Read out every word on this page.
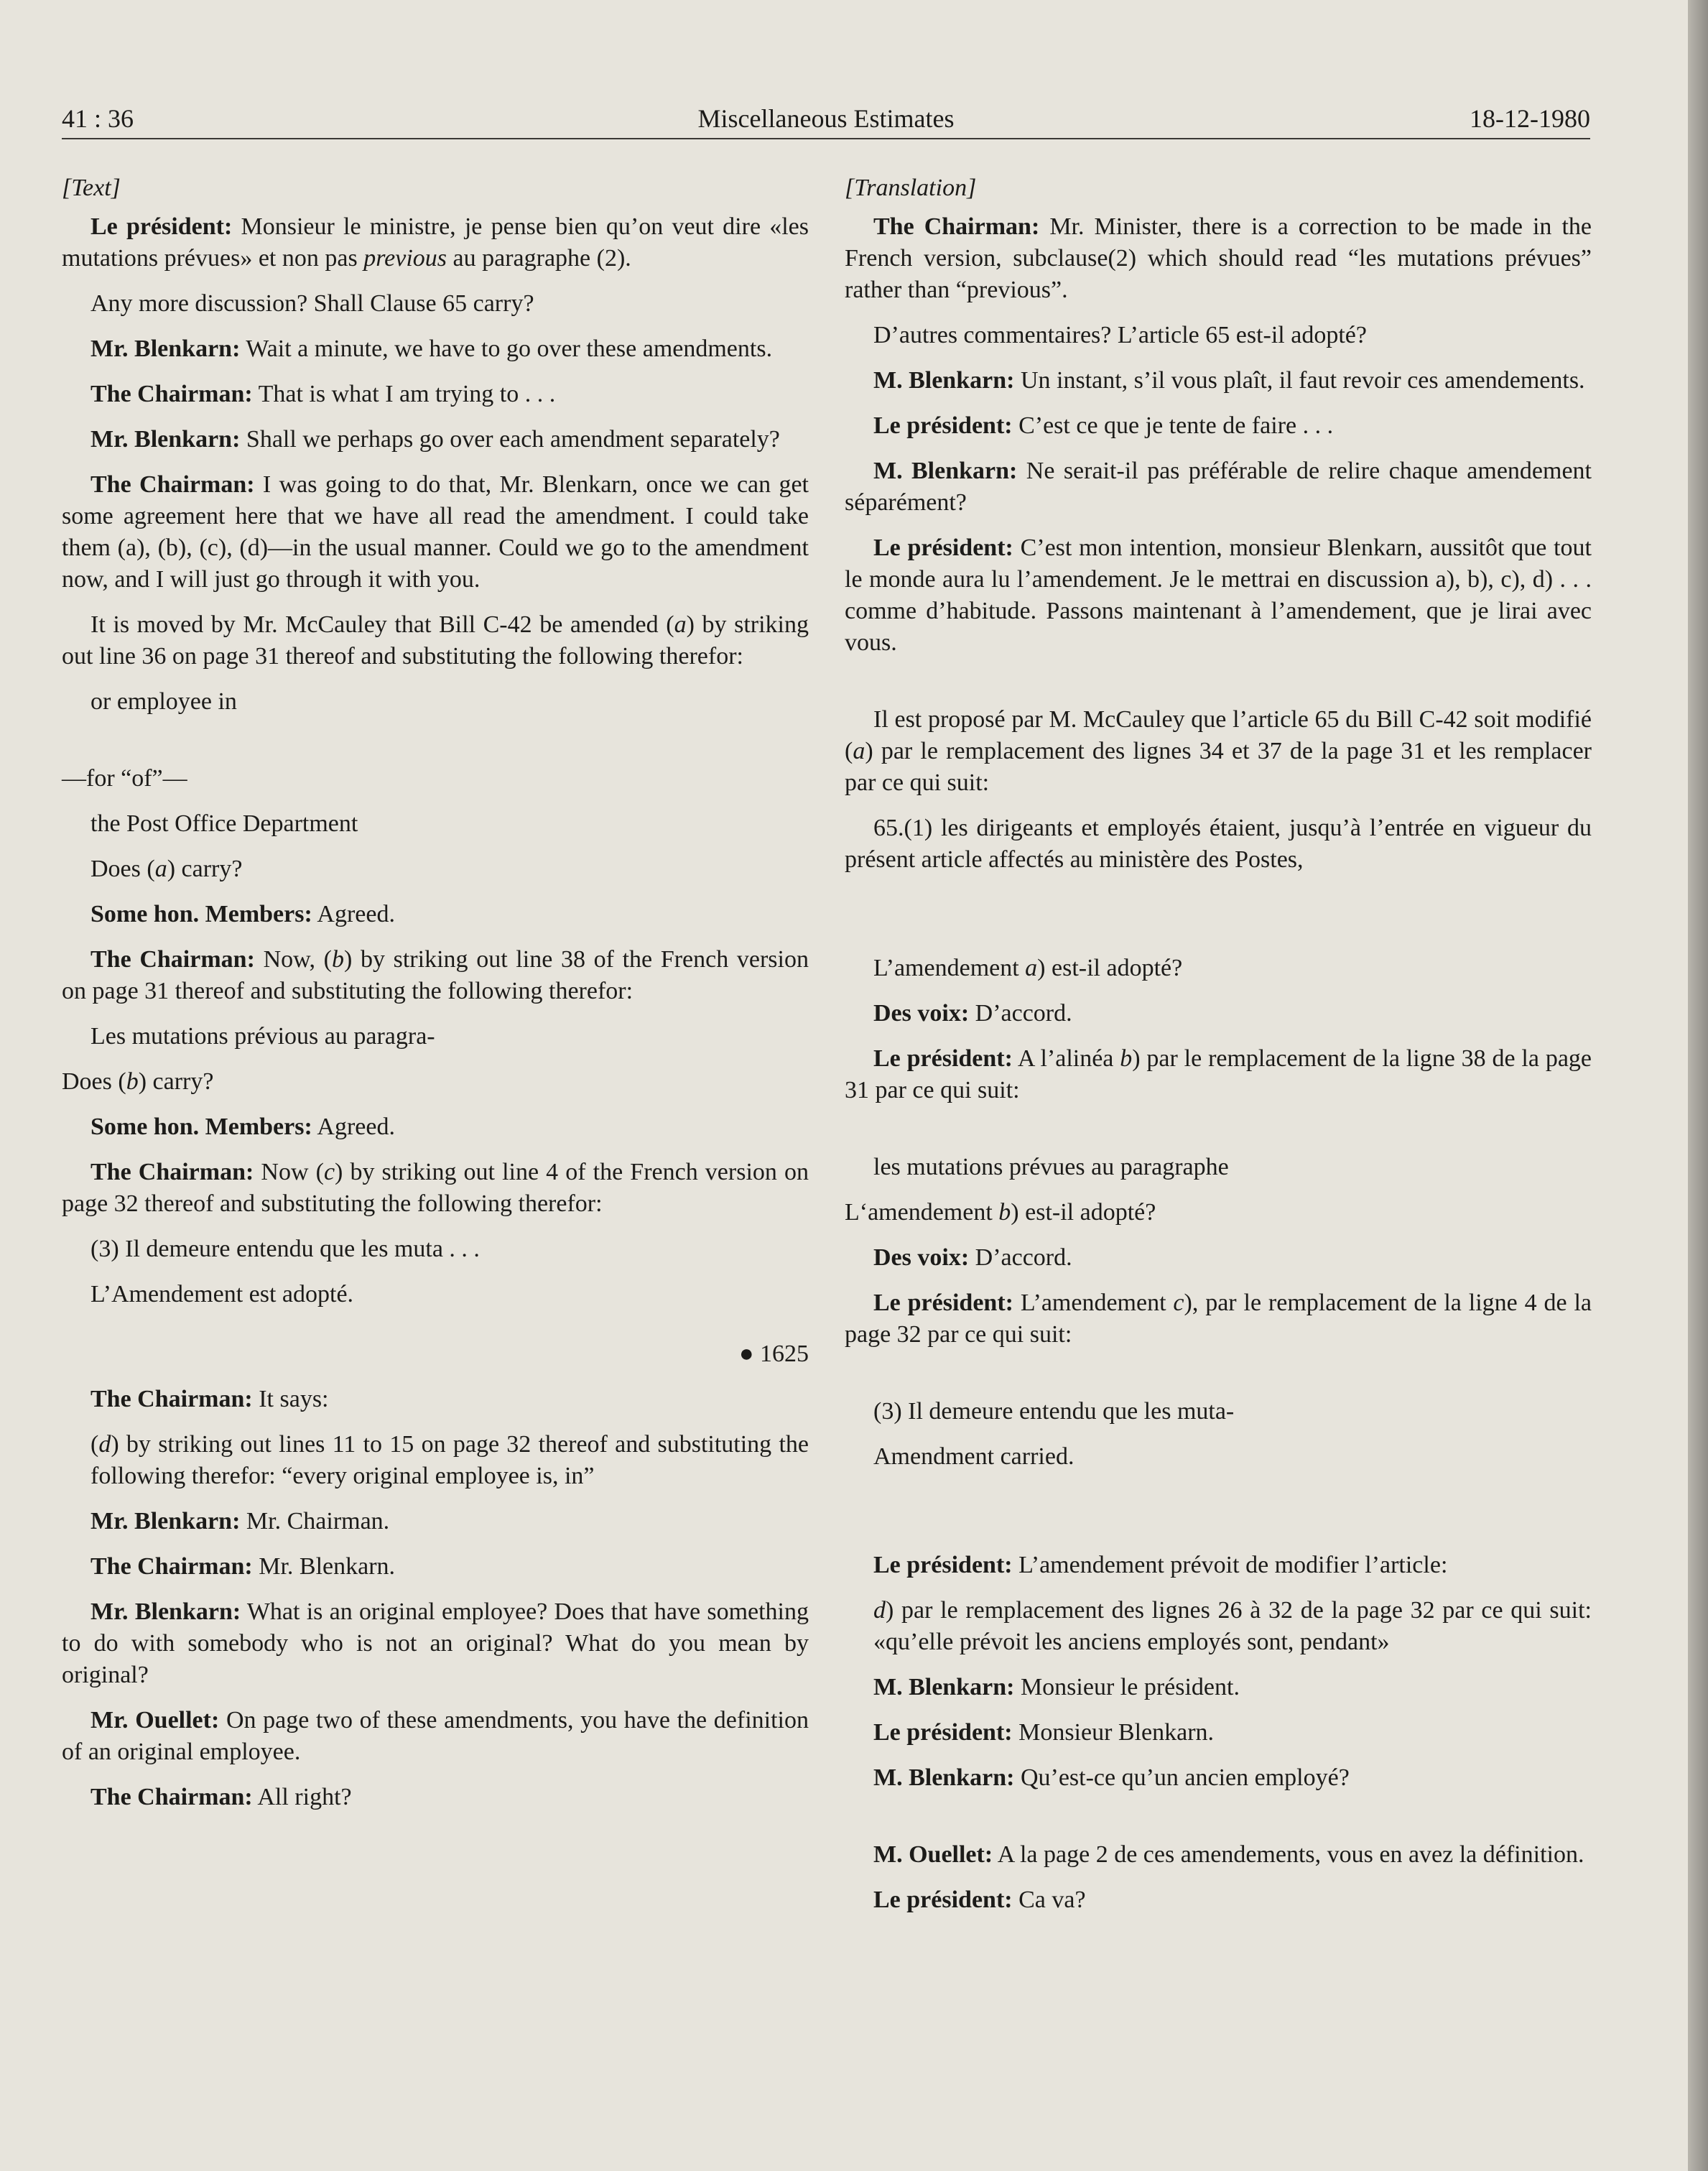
41 : 36	Miscellaneous Estimates	18-12-1980

[Text]

Le président: Monsieur le ministre, je pense bien qu’on veut dire «les mutations prévues» et non pas previous au paragraphe (2).

Any more discussion? Shall Clause 65 carry?

Mr. Blenkarn: Wait a minute, we have to go over these amendments.

The Chairman: That is what I am trying to . . .

Mr. Blenkarn: Shall we perhaps go over each amendment separately?

The Chairman: I was going to do that, Mr. Blenkarn, once we can get some agreement here that we have all read the amendment. I could take them (a), (b), (c), (d)—in the usual manner. Could we go to the amendment now, and I will just go through it with you.

It is moved by Mr. McCauley that Bill C-42 be amended (a) by striking out line 36 on page 31 thereof and substituting the following therefor:

or employee in

—for “of”—

the Post Office Department

Does (a) carry?

Some hon. Members: Agreed.

The Chairman: Now, (b) by striking out line 38 of the French version on page 31 thereof and substituting the following therefor:

Les mutations prévious au paragra-

Does (b) carry?

Some hon. Members: Agreed.

The Chairman: Now (c) by striking out line 4 of the French version on page 32 thereof and substituting the following therefor:

(3) Il demeure entendu que les muta . . .

L’Amendement est adopté.

● 1625

The Chairman: It says:

(d) by striking out lines 11 to 15 on page 32 thereof and substituting the following therefor: “every original employee is, in”

Mr. Blenkarn: Mr. Chairman.

The Chairman: Mr. Blenkarn.

Mr. Blenkarn: What is an original employee? Does that have something to do with somebody who is not an original? What do you mean by original?

Mr. Ouellet: On page two of these amendments, you have the definition of an original employee.

The Chairman: All right?

[Translation]

The Chairman: Mr. Minister, there is a correction to be made in the French version, subclause(2) which should read “les mutations prévues” rather than “previous”.

D’autres commentaires? L’article 65 est-il adopté?

M. Blenkarn: Un instant, s’il vous plaît, il faut revoir ces amendements.

Le président: C’est ce que je tente de faire . . .

M. Blenkarn: Ne serait-il pas préférable de relire chaque amendement séparément?

Le président: C’est mon intention, monsieur Blenkarn, aussitôt que tout le monde aura lu l’amendement. Je le mettrai en discussion a), b), c), d) . . . comme d’habitude. Passons maintenant à l’amendement, que je lirai avec vous.

Il est proposé par M. McCauley que l’article 65 du Bill C-42 soit modifié (a) par le remplacement des lignes 34 et 37 de la page 31 et les remplacer par ce qui suit:

65.(1) les dirigeants et employés étaient, jusqu’à l’entrée en vigueur du présent article affectés au ministère des Postes,

L’amendement a) est-il adopté?

Des voix: D’accord.

Le président: A l’alinéa b) par le remplacement de la ligne 38 de la page 31 par ce qui suit:

les mutations prévues au paragraphe

L‘amendement b) est-il adopté?

Des voix: D’accord.

Le président: L’amendement c), par le remplacement de la ligne 4 de la page 32 par ce qui suit:

(3) Il demeure entendu que les muta-

Amendment carried.

Le président: L’amendement prévoit de modifier l’article:

d) par le remplacement des lignes 26 à 32 de la page 32 par ce qui suit: «qu’elle prévoit les anciens employés sont, pendant»

M. Blenkarn: Monsieur le président.

Le président: Monsieur Blenkarn.

M. Blenkarn: Qu’est-ce qu’un ancien employé?

M. Ouellet: A la page 2 de ces amendements, vous en avez la définition.

Le président: Ca va?
